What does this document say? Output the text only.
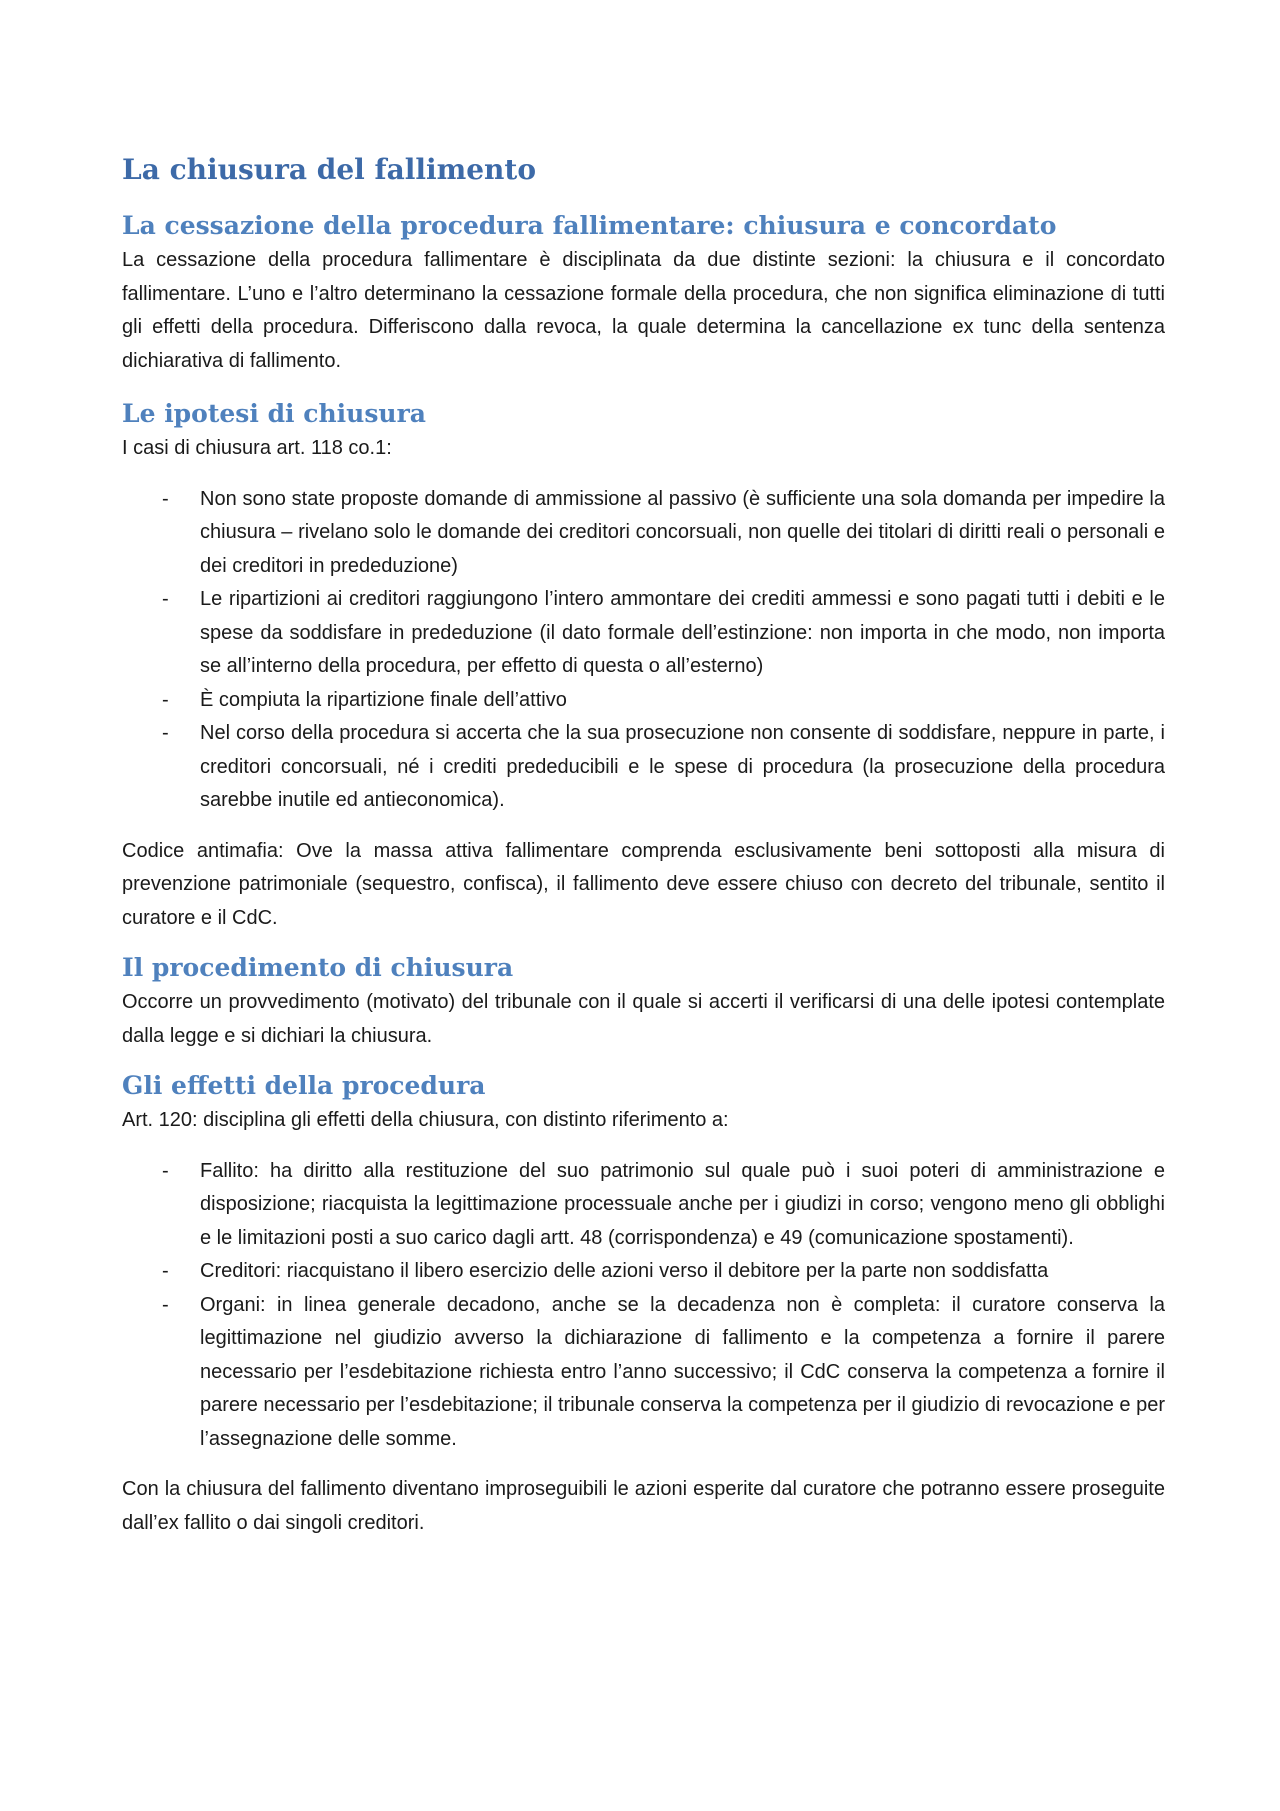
La chiusura del fallimento
La cessazione della procedura fallimentare: chiusura e concordato

La cessazione della procedura fallimentare è disciplinata da due distinte sezioni: la chiusura e il concordato fallimentare. L’uno e l’altro determinano la cessazione formale della procedura, che non significa eliminazione di tutti gli effetti della procedura. Differiscono dalla revoca, la quale determina la cancellazione ex tunc della sentenza dichiarativa di fallimento.

Le ipotesi di chiusura

I casi di chiusura art. 118 co.1:

- Non sono state proposte domande di ammissione al passivo (è sufficiente una sola domanda per impedire la chiusura – rivelano solo le domande dei creditori concorsuali, non quelle dei titolari di diritti reali o personali e dei creditori in prededuzione)
- Le ripartizioni ai creditori raggiungono l’intero ammontare dei crediti ammessi e sono pagati tutti i debiti e le spese da soddisfare in prededuzione (il dato formale dell’estinzione: non importa in che modo, non importa se all’interno della procedura, per effetto di questa o all’esterno)
- È compiuta la ripartizione finale dell’attivo
- Nel corso della procedura si accerta che la sua prosecuzione non consente di soddisfare, neppure in parte, i creditori concorsuali, né i crediti prededucibili e le spese di procedura (la prosecuzione della procedura sarebbe inutile ed antieconomica).

Codice antimafia: Ove la massa attiva fallimentare comprenda esclusivamente beni sottoposti alla misura di prevenzione patrimoniale (sequestro, confisca), il fallimento deve essere chiuso con decreto del tribunale, sentito il curatore e il CdC.

Il procedimento di chiusura

Occorre un provvedimento (motivato) del tribunale con il quale si accerti il verificarsi di una delle ipotesi contemplate dalla legge e si dichiari la chiusura.

Gli effetti della procedura

Art. 120: disciplina gli effetti della chiusura, con distinto riferimento a:

- Fallito: ha diritto alla restituzione del suo patrimonio sul quale può i suoi poteri di amministrazione e disposizione; riacquista la legittimazione processuale anche per i giudizi in corso; vengono meno gli obblighi e le limitazioni posti a suo carico dagli artt. 48 (corrispondenza) e 49 (comunicazione spostamenti).
- Creditori: riacquistano il libero esercizio delle azioni verso il debitore per la parte non soddisfatta
- Organi: in linea generale decadono, anche se la decadenza non è completa: il curatore conserva la legittimazione nel giudizio avverso la dichiarazione di fallimento e la competenza a fornire il parere necessario per l’esdebitazione richiesta entro l’anno successivo; il CdC conserva la competenza a fornire il parere necessario per l’esdebitazione; il tribunale conserva la competenza per il giudizio di revocazione e per l’assegnazione delle somme.

Con la chiusura del fallimento diventano improseguibili le azioni esperite dal curatore che potranno essere proseguite dall’ex fallito o dai singoli creditori.
